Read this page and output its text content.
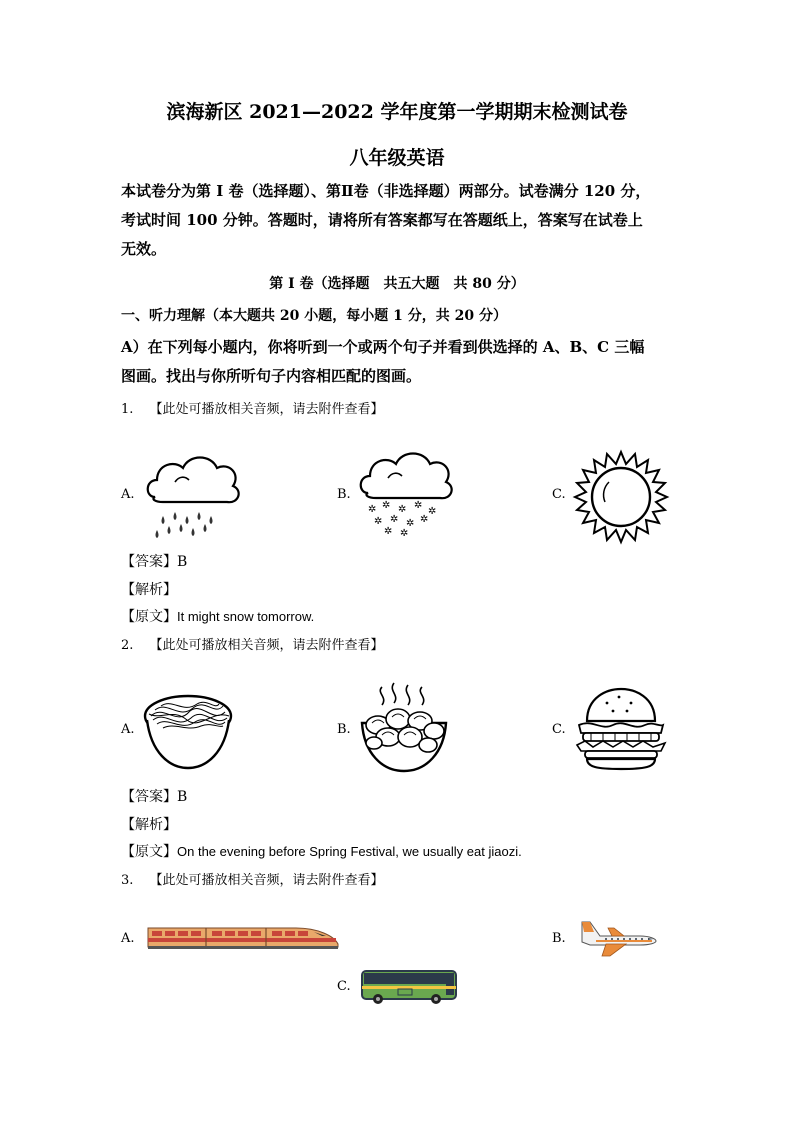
滨海新区 2021—2022 学年度第一学期期末检测试卷
八年级英语
本试卷分为第 I 卷（选择题）、第Ⅱ卷（非选择题）两部分。试卷满分 120 分，
考试时间 100 分钟。答题时，请将所有答案都写在答题纸上，答案写在试卷上
无效。
第 I 卷（选择题　共五大题　共 80 分）
一、听力理解（本大题共 20 小题，每小题 1 分，共 20 分）
A）在下列每小题内，你将听到一个或两个句子并看到供选择的 A、B、C 三幅
图画。找出与你所听句子内容相匹配的图画。
1. 【此处可播放相关音频，请去附件查看】
A.	B.
✲ ✲ ✲ ✲
✲
✲ ✲ ✲ ✲
✲ ✲
C.
【答案】B
【解析】
【原文】It might snow tomorrow.
2. 【此处可播放相关音频，请去附件查看】
A.	B.	C.
【答案】B
【解析】
【原文】On the evening before Spring Festival, we usually eat jiaozi.
3. 【此处可播放相关音频，请去附件查看】
A.	B.
C.
